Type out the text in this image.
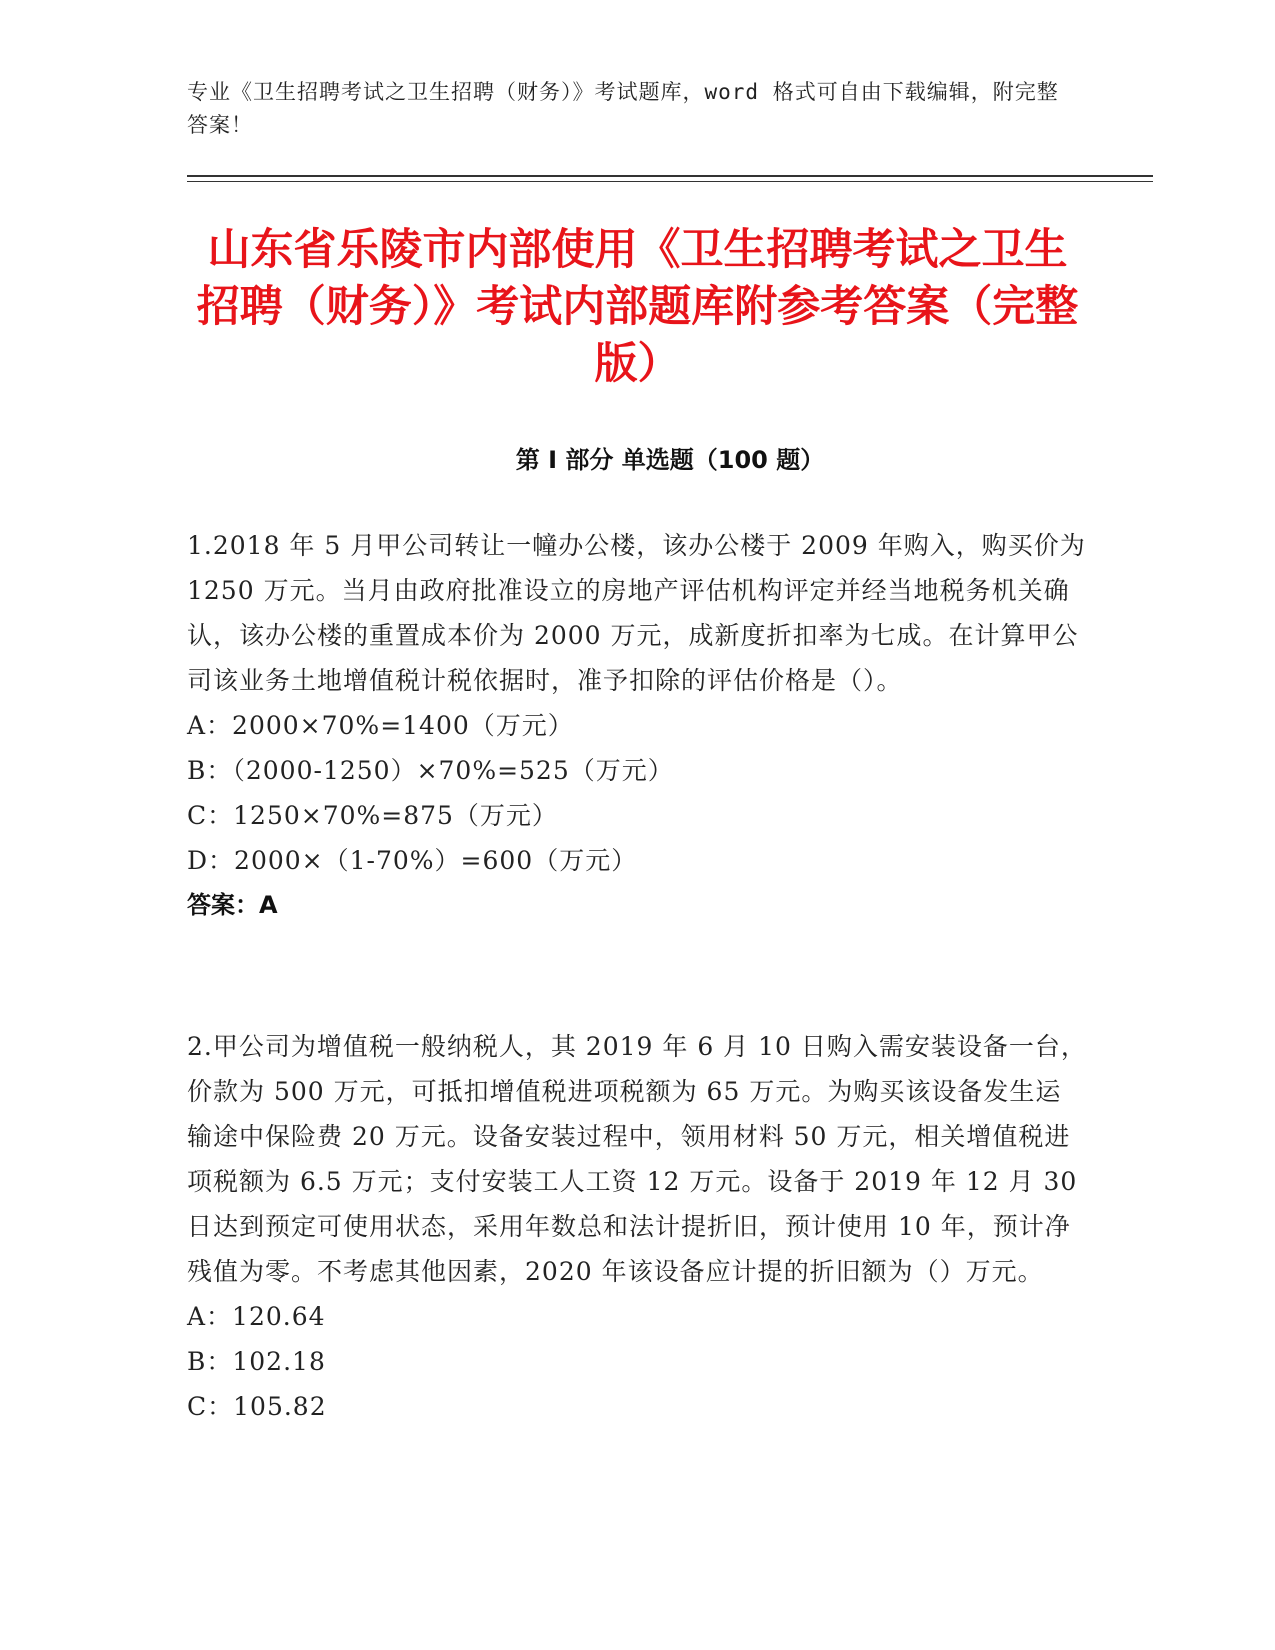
专业《卫生招聘考试之卫生招聘（财务）》考试题库，word 格式可自由下载编辑，附完整答案！

山东省乐陵市内部使用《卫生招聘考试之卫生招聘（财务）》考试内部题库附参考答案（完整版）
第 I 部分 单选题（100 题）

1.2018 年 5 月甲公司转让一幢办公楼，该办公楼于 2009 年购入，购买价为 1250 万元。当月由政府批准设立的房地产评估机构评定并经当地税务机关确认，该办公楼的重置成本价为 2000 万元，成新度折扣率为七成。在计算甲公司该业务土地增值税计税依据时，准予扣除的评估价格是（）。

A：2000×70%=1400（万元）

B：（2000-1250）×70%=525（万元）

C：1250×70%=875（万元）

D：2000×（1-70%）=600（万元）

答案：A

2.甲公司为增值税一般纳税人，其 2019 年 6 月 10 日购入需安装设备一台，价款为 500 万元，可抵扣增值税进项税额为 65 万元。为购买该设备发生运输途中保险费 20 万元。设备安装过程中，领用材料 50 万元，相关增值税进项税额为 6.5 万元；支付安装工人工资 12 万元。设备于 2019 年 12 月 30 日达到预定可使用状态，采用年数总和法计提折旧，预计使用 10 年，预计净残值为零。不考虑其他因素，2020 年该设备应计提的折旧额为（）万元。

A：120.64

B：102.18

C：105.82
